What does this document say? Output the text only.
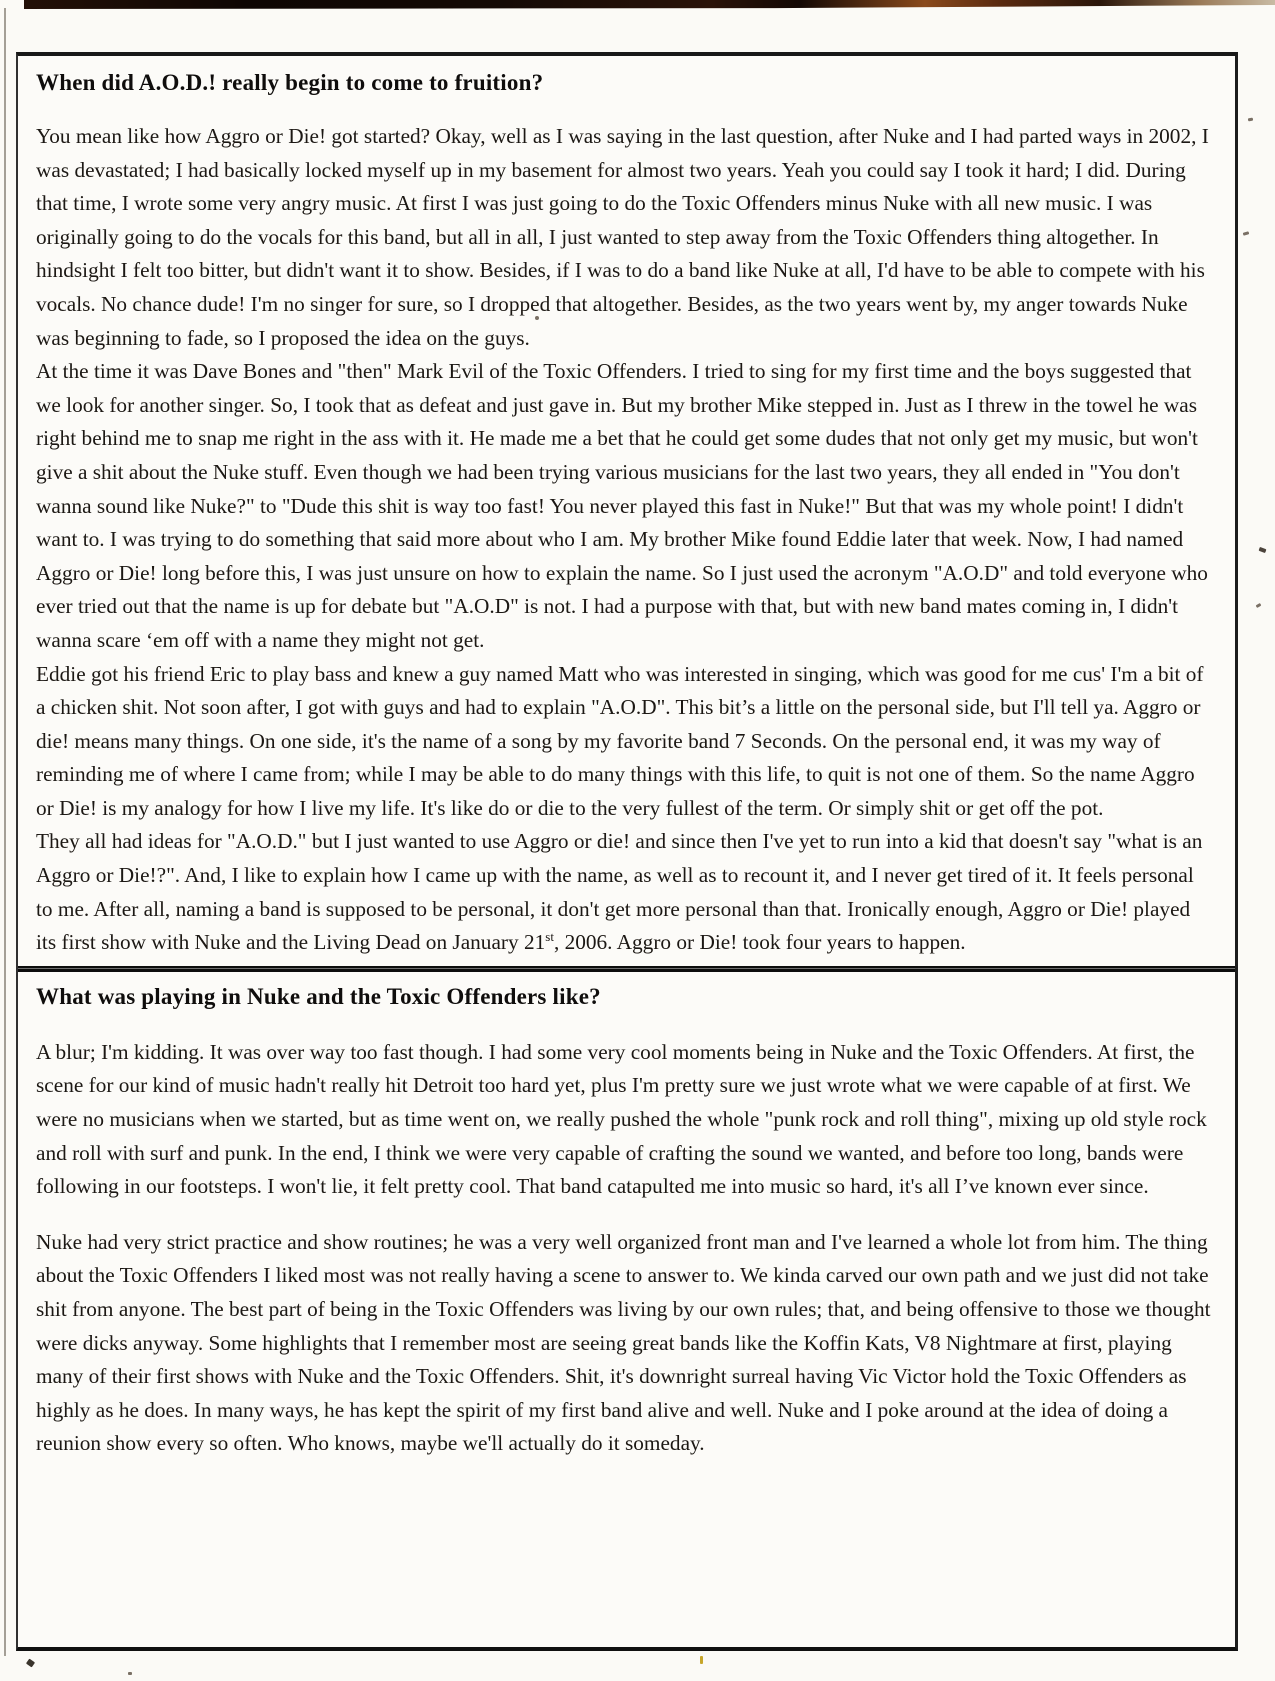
When did A.O.D.! really begin to come to fruition?

You mean like how Aggro or Die! got started? Okay, well as I was saying in the last question, after Nuke and I had parted ways in 2002, I was devastated; I had basically locked myself up in my basement for almost two years. Yeah you could say I took it hard; I did. During that time, I wrote some very angry music. At first I was just going to do the Toxic Offenders minus Nuke with all new music. I was originally going to do the vocals for this band, but all in all, I just wanted to step away from the Toxic Offenders thing altogether. In hindsight I felt too bitter, but didn't want it to show. Besides, if I was to do a band like Nuke at all, I'd have to be able to compete with his vocals. No chance dude! I'm no singer for sure, so I dropped that altogether. Besides, as the two years went by, my anger towards Nuke was beginning to fade, so I proposed the idea on the guys.

At the time it was Dave Bones and "then" Mark Evil of the Toxic Offenders. I tried to sing for my first time and the boys suggested that we look for another singer. So, I took that as defeat and just gave in. But my brother Mike stepped in. Just as I threw in the towel he was right behind me to snap me right in the ass with it. He made me a bet that he could get some dudes that not only get my music, but won't give a shit about the Nuke stuff. Even though we had been trying various musicians for the last two years, they all ended in "You don't wanna sound like Nuke?" to "Dude this shit is way too fast! You never played this fast in Nuke!" But that was my whole point! I didn't want to. I was trying to do something that said more about who I am. My brother Mike found Eddie later that week. Now, I had named Aggro or Die! long before this, I was just unsure on how to explain the name. So I just used the acronym "A.O.D" and told everyone who ever tried out that the name is up for debate but "A.O.D" is not. I had a purpose with that, but with new band mates coming in, I didn't wanna scare ‘em off with a name they might not get.

Eddie got his friend Eric to play bass and knew a guy named Matt who was interested in singing, which was good for me cus' I'm a bit of a chicken shit. Not soon after, I got with guys and had to explain "A.O.D". This bit’s a little on the personal side, but I'll tell ya. Aggro or die! means many things. On one side, it's the name of a song by my favorite band 7 Seconds. On the personal end, it was my way of reminding me of where I came from; while I may be able to do many things with this life, to quit is not one of them. So the name Aggro or Die! is my analogy for how I live my life. It's like do or die to the very fullest of the term. Or simply shit or get off the pot.

They all had ideas for "A.O.D." but I just wanted to use Aggro or die! and since then I've yet to run into a kid that doesn't say "what is an Aggro or Die!?". And, I like to explain how I came up with the name, as well as to recount it, and I never get tired of it. It feels personal to me. After all, naming a band is supposed to be personal, it don't get more personal than that. Ironically enough, Aggro or Die! played its first show with Nuke and the Living Dead on January 21st, 2006. Aggro or Die! took four years to happen.

What was playing in Nuke and the Toxic Offenders like?

A blur; I'm kidding. It was over way too fast though. I had some very cool moments being in Nuke and the Toxic Offenders. At first, the scene for our kind of music hadn't really hit Detroit too hard yet, plus I'm pretty sure we just wrote what we were capable of at first. We were no musicians when we started, but as time went on, we really pushed the whole "punk rock and roll thing", mixing up old style rock and roll with surf and punk. In the end, I think we were very capable of crafting the sound we wanted, and before too long, bands were following in our footsteps. I won't lie, it felt pretty cool. That band catapulted me into music so hard, it's all I’ve known ever since.

Nuke had very strict practice and show routines; he was a very well organized front man and I've learned a whole lot from him. The thing about the Toxic Offenders I liked most was not really having a scene to answer to. We kinda carved our own path and we just did not take shit from anyone. The best part of being in the Toxic Offenders was living by our own rules; that, and being offensive to those we thought were dicks anyway. Some highlights that I remember most are seeing great bands like the Koffin Kats, V8 Nightmare at first, playing many of their first shows with Nuke and the Toxic Offenders. Shit, it's downright surreal having Vic Victor hold the Toxic Offenders as highly as he does. In many ways, he has kept the spirit of my first band alive and well. Nuke and I poke around at the idea of doing a reunion show every so often. Who knows, maybe we'll actually do it someday.
